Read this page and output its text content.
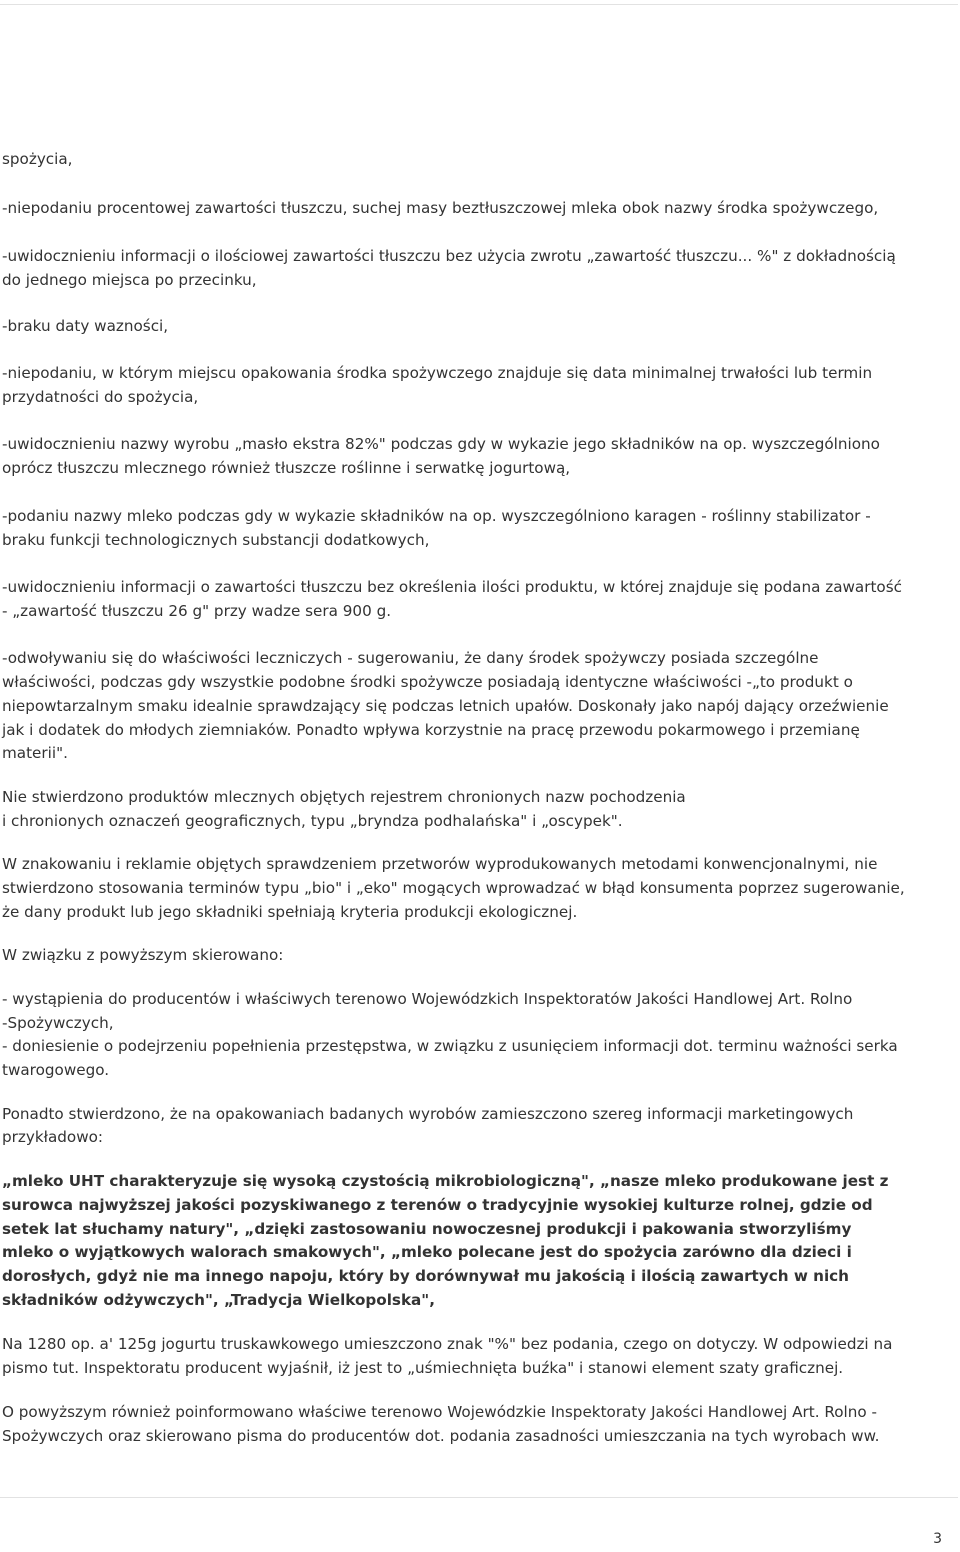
spożycia,

-niepodaniu procentowej zawartości tłuszczu, suchej masy beztłuszczowej mleka obok nazwy środka spożywczego,

-uwidocznieniu informacji o ilościowej zawartości tłuszczu bez użycia zwrotu „zawartość tłuszczu... %" z dokładnością

do jednego miejsca po przecinku,

-braku daty wazności,

-niepodaniu, w którym miejscu opakowania środka spożywczego znajduje się data minimalnej trwałości lub termin

przydatności do spożycia,

-uwidocznieniu nazwy wyrobu „masło ekstra 82%" podczas gdy w wykazie jego składników na op. wyszczególniono

oprócz tłuszczu mlecznego również tłuszcze roślinne i serwatkę jogurtową,

-podaniu nazwy mleko podczas gdy w wykazie składników na op. wyszczególniono karagen - roślinny stabilizator -

braku funkcji technologicznych substancji dodatkowych,

-uwidocznieniu informacji o zawartości tłuszczu bez określenia ilości produktu, w której znajduje się podana zawartość

- „zawartość tłuszczu 26 g" przy wadze sera 900 g.

-odwoływaniu się do właściwości leczniczych - sugerowaniu, że dany środek spożywczy posiada szczególne

właściwości, podczas gdy wszystkie podobne środki spożywcze posiadają identyczne właściwości -„to produkt o

niepowtarzalnym smaku idealnie sprawdzający się podczas letnich upałów. Doskonały jako napój dający orzeźwienie

jak i dodatek do młodych ziemniaków. Ponadto wpływa korzystnie na pracę przewodu pokarmowego i przemianę

materii".

Nie stwierdzono produktów mlecznych objętych rejestrem chronionych nazw pochodzenia

i chronionych oznaczeń geograficznych, typu „bryndza podhalańska" i „oscypek".

W znakowaniu i reklamie objętych sprawdzeniem przetworów wyprodukowanych metodami konwencjonalnymi, nie

stwierdzono stosowania terminów typu „bio" i „eko" mogących wprowadzać w błąd konsumenta poprzez sugerowanie,

że dany produkt lub jego składniki spełniają kryteria produkcji ekologicznej.

W związku z powyższym skierowano:

- wystąpienia do producentów i właściwych terenowo Wojewódzkich Inspektoratów Jakości Handlowej Art. Rolno

-Spożywczych,

- doniesienie o podejrzeniu popełnienia przestępstwa, w związku z usunięciem informacji dot. terminu ważności serka

twarogowego.

Ponadto stwierdzono, że na opakowaniach badanych wyrobów zamieszczono szereg informacji marketingowych

przykładowo:

„mleko UHT charakteryzuje się wysoką czystością mikrobiologiczną", „nasze mleko produkowane jest z

surowca najwyższej jakości pozyskiwanego z terenów o tradycyjnie wysokiej kulturze rolnej, gdzie od

setek lat słuchamy natury", „dzięki zastosowaniu nowoczesnej produkcji i pakowania stworzyliśmy

mleko o wyjątkowych walorach smakowych", „mleko polecane jest do spożycia zarówno dla dzieci i

dorosłych, gdyż nie ma innego napoju, który by dorównywał mu jakością i ilością zawartych w nich

składników odżywczych", „Tradycja Wielkopolska",

Na 1280 op. a' 125g jogurtu truskawkowego umieszczono znak "%" bez podania, czego on dotyczy. W odpowiedzi na

pismo tut. Inspektoratu producent wyjaśnił, iż jest to „uśmiechnięta buźka" i stanowi element szaty graficznej.

O powyższym również poinformowano właściwe terenowo Wojewódzkie Inspektoraty Jakości Handlowej Art. Rolno -

Spożywczych oraz skierowano pisma do producentów dot. podania zasadności umieszczania na tych wyrobach ww.

3
